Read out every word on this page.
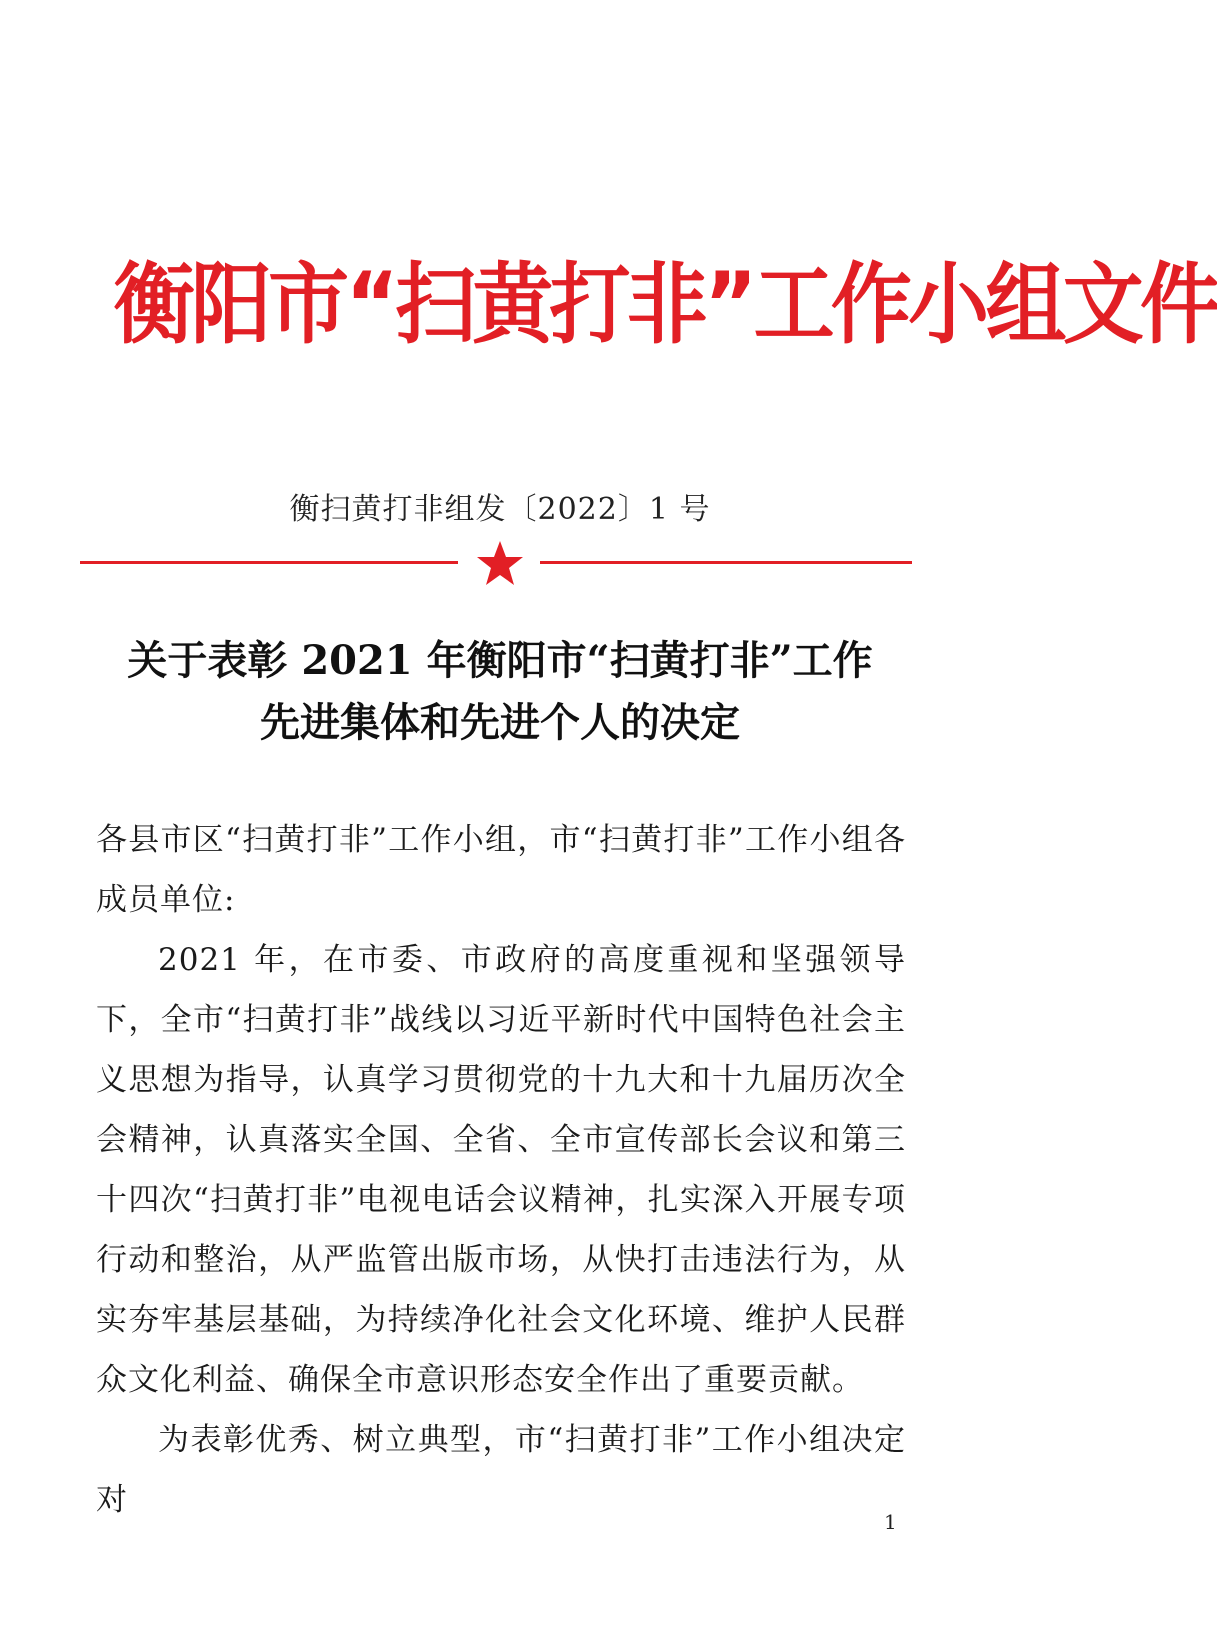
衡阳市“扫黄打非”工作小组文件
衡扫黄打非组发〔2022〕1 号
关于表彰 2021 年衡阳市“扫黄打非”工作
先进集体和先进个人的决定

各县市区“扫黄打非”工作小组，市“扫黄打非”工作小组各成员单位:

2021 年，在市委、市政府的高度重视和坚强领导下，全市“扫黄打非”战线以习近平新时代中国特色社会主义思想为指导，认真学习贯彻党的十九大和十九届历次全会精神，认真落实全国、全省、全市宣传部长会议和第三十四次“扫黄打非”电视电话会议精神，扎实深入开展专项行动和整治，从严监管出版市场，从快打击违法行为，从实夯牢基层基础，为持续净化社会文化环境、维护人民群众文化利益、确保全市意识形态安全作出了重要贡献。

为表彰优秀、树立典型，市“扫黄打非”工作小组决定对

1
